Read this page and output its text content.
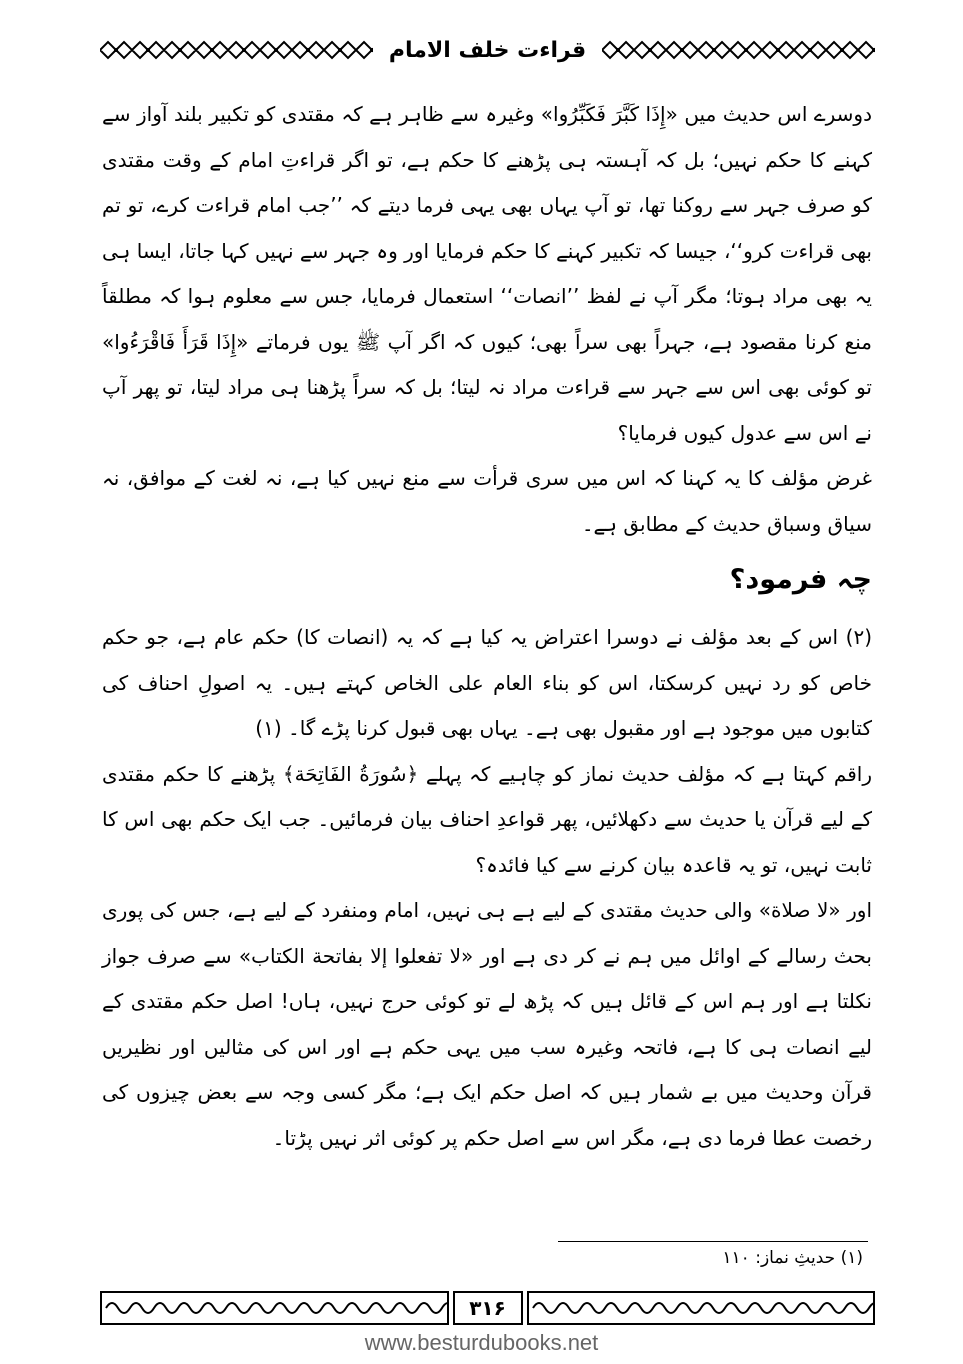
قراءت خلف الامام

دوسرے اس حدیث میں «إِذَا كَبَّرَ فَكَبِّرُوا» وغیرہ سے ظاہر ہے کہ مقتدی کو تکبیر بلند آواز سے کہنے کا حکم نہیں؛ بل کہ آہستہ ہی پڑھنے کا حکم ہے، تو اگر قراءتِ امام کے وقت مقتدی کو صرف جہر سے روکنا تھا، تو آپ یہاں بھی یہی فرما دیتے کہ ’’جب امام قراءت کرے، تو تم بھی قراءت کرو‘‘، جیسا کہ تکبیر کہنے کا حکم فرمایا اور وہ جہر سے نہیں کہا جاتا، ایسا ہی یہ بھی مراد ہوتا؛ مگر آپ نے لفظ ’’انصات‘‘ استعمال فرمایا، جس سے معلوم ہوا کہ مطلقاً منع کرنا مقصود ہے، جہراً بھی سراً بھی؛ کیوں کہ اگر آپ ﷺ یوں فرماتے «إِذَا قَرَأَ فَاقْرَءُوا» تو کوئی بھی اس سے جہر سے قراءت مراد نہ لیتا؛ بل کہ سراً پڑھنا ہی مراد لیتا، تو پھر آپ نے اس سے عدول کیوں فرمایا؟

غرض مؤلف کا یہ کہنا کہ اس میں سری قرأت سے منع نہیں کیا ہے، نہ لغت کے موافق، نہ سیاق وسباق حدیث کے مطابق ہے۔

چہ فرمود؟

(۲) اس کے بعد مؤلف نے دوسرا اعتراض یہ کیا ہے کہ یہ (انصات کا) حکم عام ہے، جو حکم خاص کو رد نہیں کرسکتا، اس کو بناء العام علی الخاص کہتے ہیں۔ یہ اصولِ احناف کی کتابوں میں موجود ہے اور مقبول بھی ہے۔ یہاں بھی قبول کرنا پڑے گا۔ (۱)

راقم کہتا ہے کہ مؤلف حدیث نماز کو چاہیے کہ پہلے ﴿سُورَةُ الفَاتِحَة﴾ پڑھنے کا حکم مقتدی کے لیے قرآن یا حدیث سے دکھلائیں، پھر قواعدِ احناف بیان فرمائیں۔ جب ایک حکم بھی اس کا ثابت نہیں، تو یہ قاعدہ بیان کرنے سے کیا فائدہ؟

اور «لا صلاة» والی حدیث مقتدی کے لیے ہے ہی نہیں، امام ومنفرد کے لیے ہے، جس کی پوری بحث رسالے کے اوائل میں ہم نے کر دی ہے اور «لا تفعلوا إلا بفاتحة الكتاب» سے صرف جواز نکلتا ہے اور ہم اس کے قائل ہیں کہ پڑھ لے تو کوئی حرج نہیں، ہاں! اصل حکم مقتدی کے لیے انصات ہی کا ہے، فاتحہ وغیرہ سب میں یہی حکم ہے اور اس کی مثالیں اور نظیریں قرآن وحدیث میں بے شمار ہیں کہ اصل حکم ایک ہے؛ مگر کسی وجہ سے بعض چیزوں کی رخصت عطا فرما دی ہے، مگر اس سے اصل حکم پر کوئی اثر نہیں پڑتا۔

(۱) حدیثِ نماز: ۱۱۰
۳۱۶
www.besturdubooks.net
